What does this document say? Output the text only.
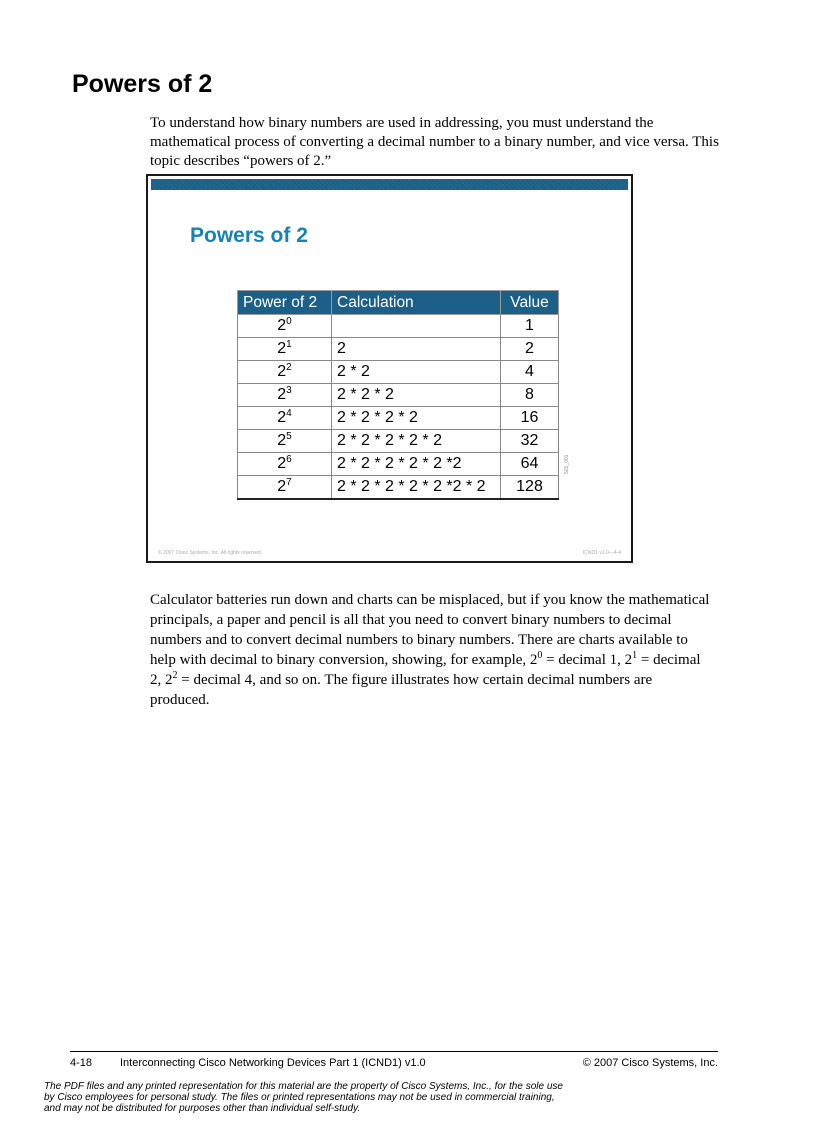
Powers of 2

To understand how binary numbers are used in addressing, you must understand the mathematical process of converting a decimal number to a binary number, and vice versa. This topic describes “powers of 2.”

Powers of 2
Power of 2	Calculation	Value
$2^0$		1
$2^1$	2	2
$2^2$	2 * 2	4
$2^3$	2 * 2 * 2	8
$2^4$	2 * 2 * 2 * 2	16
$2^5$	2 * 2 * 2 * 2 * 2	32
$2^6$	2 * 2 * 2 * 2 * 2 *2	64
$2^7$	2 * 2 * 2 * 2 * 2 *2 * 2	128
501_001
© 2007 Cisco Systems, Inc. All rights reserved.	ICND1 v1.0—4-4

Calculator batteries run down and charts can be misplaced, but if you know the mathematical principals, a paper and pencil is all that you need to convert binary numbers to decimal numbers and to convert decimal numbers to binary numbers. There are charts available to help with decimal to binary conversion, showing, for example, $2^0$ = decimal 1, $2^1$ = decimal 2, $2^2$ = decimal 4, and so on. The figure illustrates how certain decimal numbers are produced.

4-18	Interconnecting Cisco Networking Devices Part 1 (ICND1) v1.0	© 2007 Cisco Systems, Inc.

The PDF files and any printed representation for this material are the property of Cisco Systems, Inc., for the sole use by Cisco employees for personal study. The files or printed representations may not be used in commercial training, and may not be distributed for purposes other than individual self-study.
